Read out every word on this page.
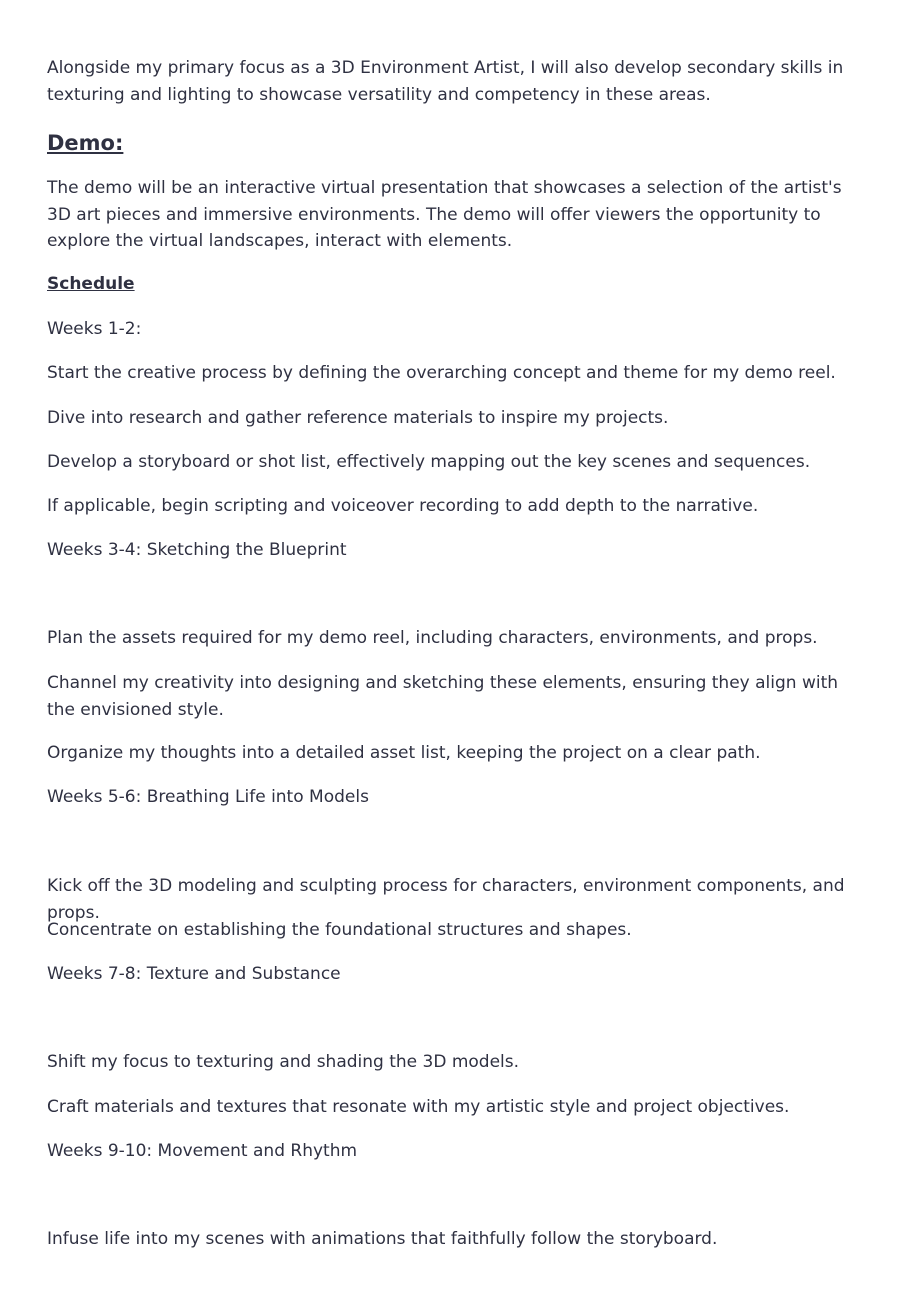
Alongside my primary focus as a 3D Environment Artist, I will also develop secondary skills in texturing and lighting to showcase versatility and competency in these areas.

Demo:

The demo will be an interactive virtual presentation that showcases a selection of the artist's 3D art pieces and immersive environments. The demo will offer viewers the opportunity to explore the virtual landscapes, interact with elements.

Schedule

Weeks 1-2:

Start the creative process by defining the overarching concept and theme for my demo reel.

Dive into research and gather reference materials to inspire my projects.

Develop a storyboard or shot list, effectively mapping out the key scenes and sequences.

If applicable, begin scripting and voiceover recording to add depth to the narrative.

Weeks 3-4: Sketching the Blueprint

Plan the assets required for my demo reel, including characters, environments, and props.

Channel my creativity into designing and sketching these elements, ensuring they align with the envisioned style.

Organize my thoughts into a detailed asset list, keeping the project on a clear path.

Weeks 5-6: Breathing Life into Models

Kick off the 3D modeling and sculpting process for characters, environment components, and props.

Concentrate on establishing the foundational structures and shapes.

Weeks 7-8: Texture and Substance

Shift my focus to texturing and shading the 3D models.

Craft materials and textures that resonate with my artistic style and project objectives.

Weeks 9-10: Movement and Rhythm

Infuse life into my scenes with animations that faithfully follow the storyboard.
